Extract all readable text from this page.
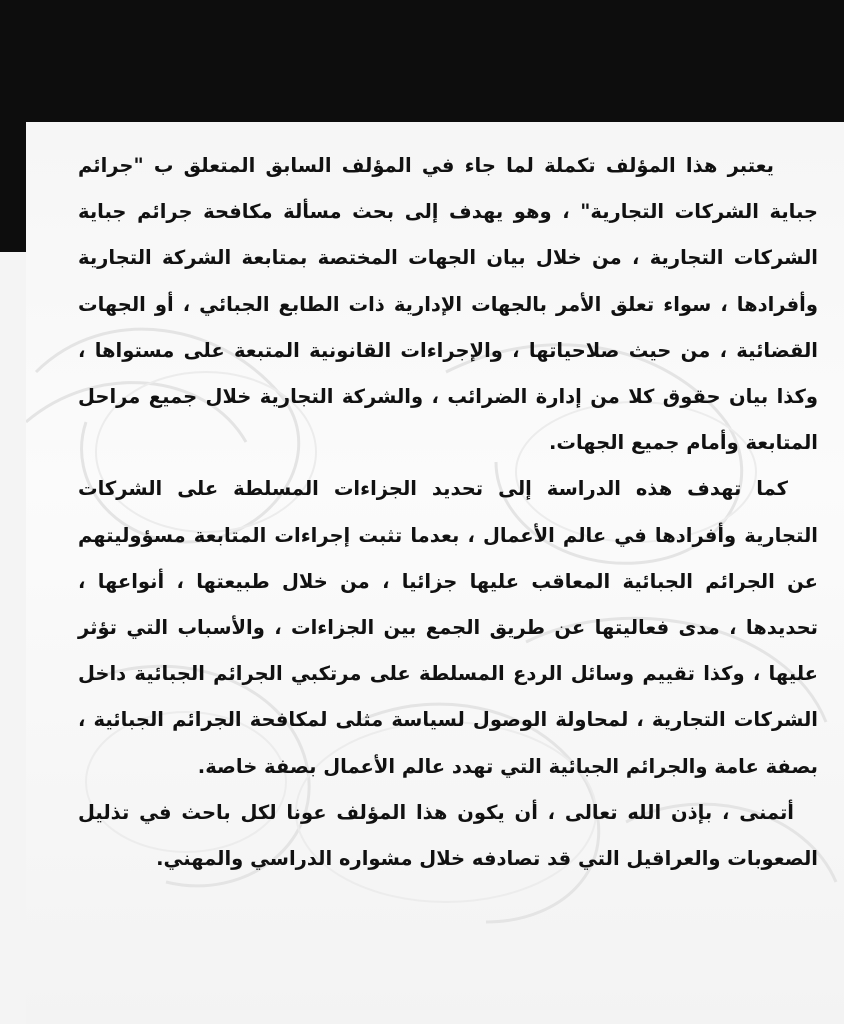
يعتبر هذا المؤلف تكملة لما جاء في المؤلف السابق المتعلق ب "جرائم جباية الشركات التجارية" ، وهو يهدف إلى بحث مسألة مكافحة جرائم جباية الشركات التجارية ، من خلال بيان الجهات المختصة بمتابعة الشركة التجارية وأفرادها ، سواء تعلق الأمر بالجهات الإدارية ذات الطابع الجبائي ، أو الجهات القضائية ، من حيث صلاحياتها ، والإجراءات القانونية المتبعة على مستواها ، وكذا بيان حقوق كلا من إدارة الضرائب ، والشركة التجارية خلال جميع مراحل المتابعة وأمام جميع الجهات.

كما تهدف هذه الدراسة إلى تحديد الجزاءات المسلطة على الشركات التجارية وأفرادها في عالم الأعمال ، بعدما تثبت إجراءات المتابعة مسؤوليتهم عن الجرائم الجبائية المعاقب عليها جزائيا ، من خلال طبيعتها ، أنواعها ، تحديدها ، مدى فعاليتها عن طريق الجمع بين الجزاءات ، والأسباب التي تؤثر عليها ، وكذا تقييم وسائل الردع المسلطة على مرتكبي الجرائم الجبائية داخل الشركات التجارية ، لمحاولة الوصول لسياسة مثلى لمكافحة الجرائم الجبائية ، بصفة عامة والجرائم الجبائية التي تهدد عالم الأعمال بصفة خاصة.

أتمنى ، بإذن الله تعالى ، أن يكون هذا المؤلف عونا لكل باحث في تذليل الصعوبات والعراقيل التي قد تصادفه خلال مشواره الدراسي والمهني.
